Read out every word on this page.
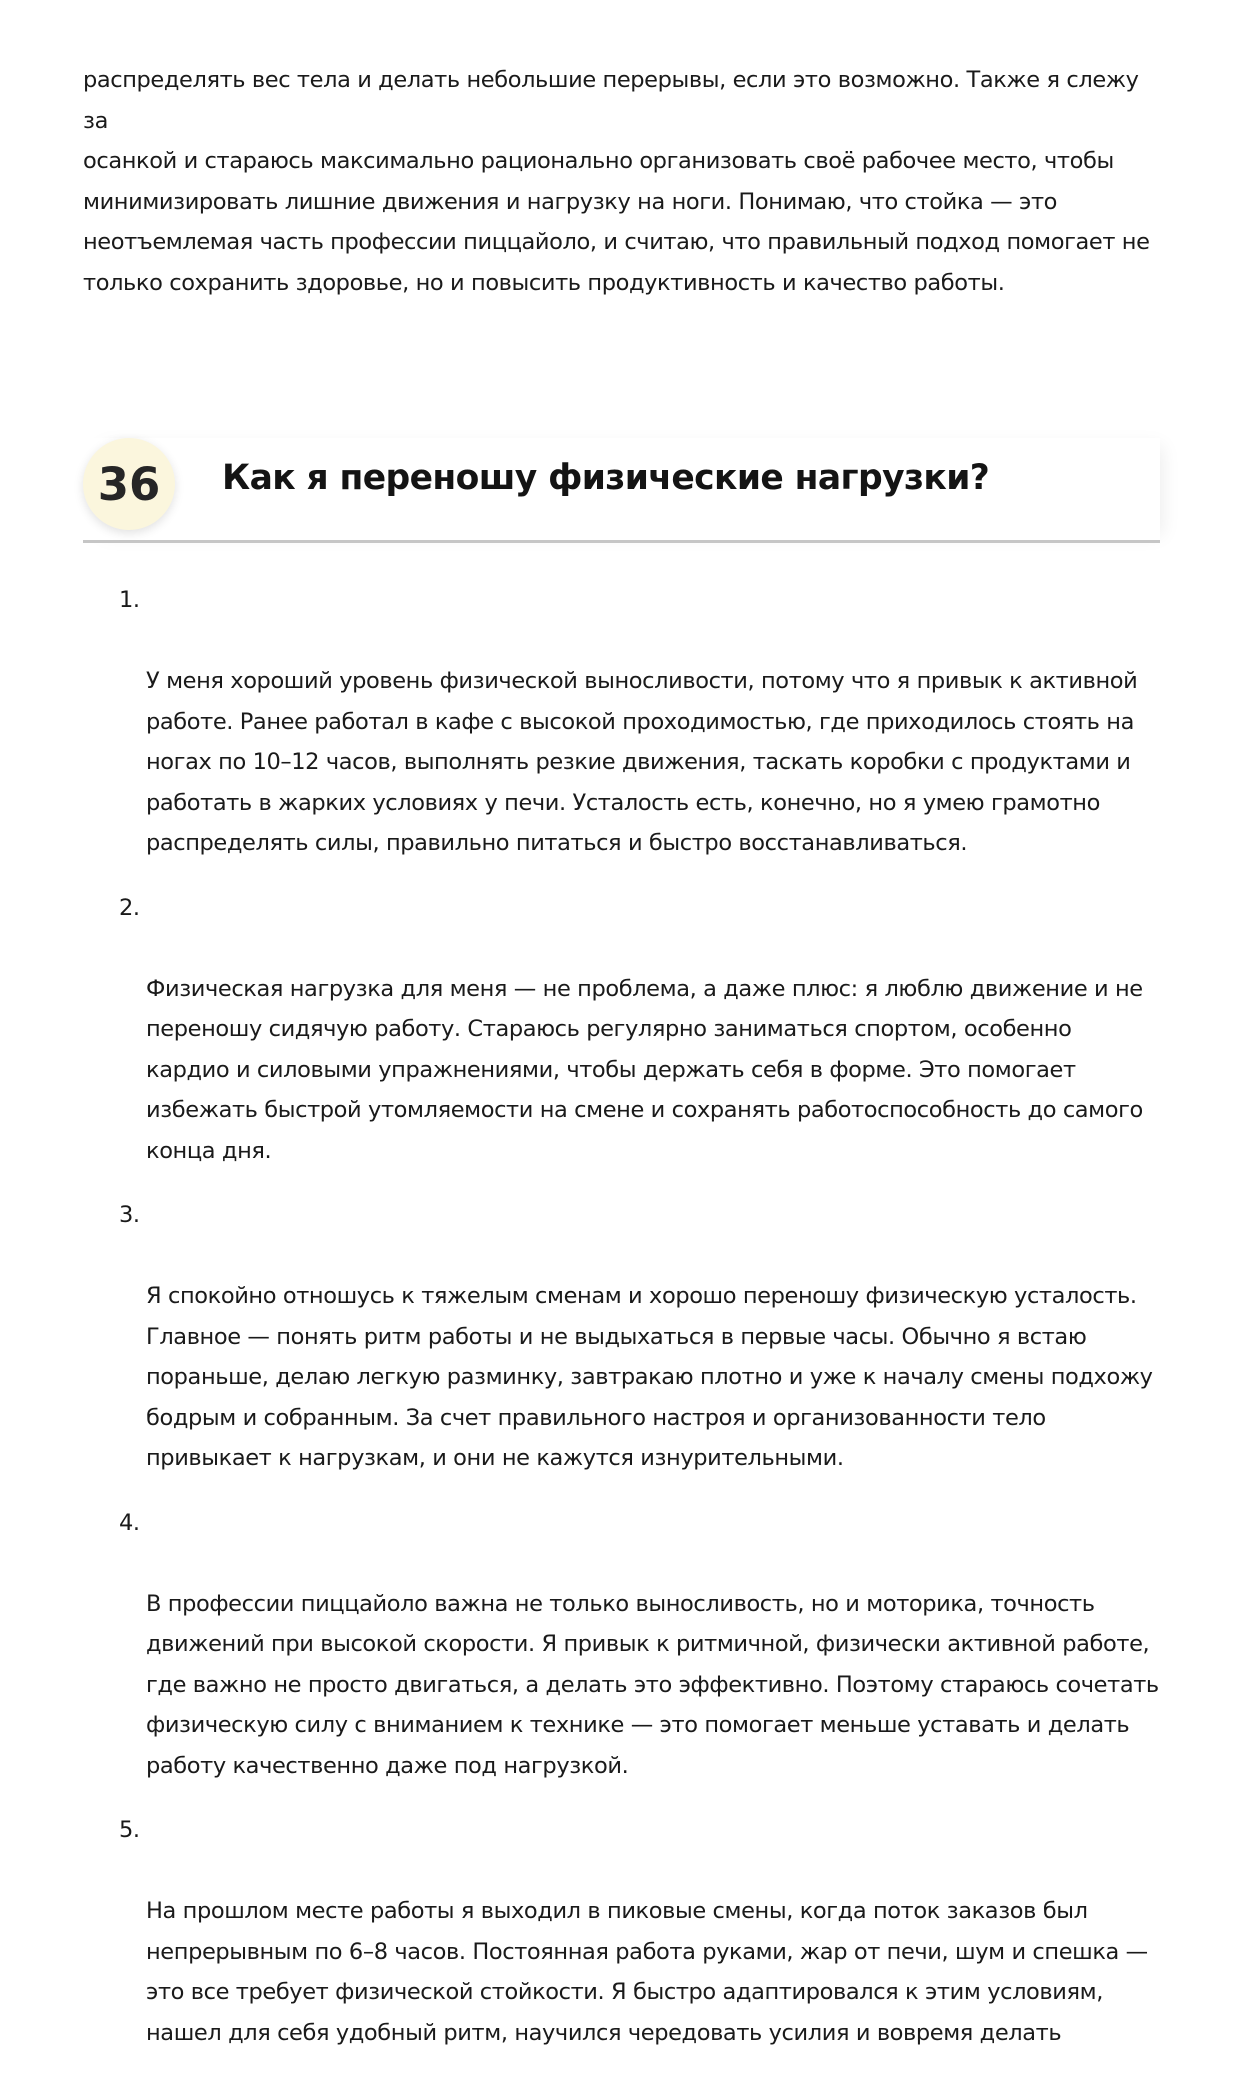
распределять вес тела и делать небольшие перерывы, если это возможно. Также я слежу за
осанкой и стараюсь максимально рационально организовать своё рабочее место, чтобы
минимизировать лишние движения и нагрузку на ноги. Понимаю, что стойка — это
неотъемлемая часть профессии пиццайоло, и считаю, что правильный подход помогает не
только сохранить здоровье, но и повысить продуктивность и качество работы.

36	Как я переношу физические нагрузки?

1.

У меня хороший уровень физической выносливости, потому что я привык к активной
работе. Ранее работал в кафе с высокой проходимостью, где приходилось стоять на
ногах по 10–12 часов, выполнять резкие движения, таскать коробки с продуктами и
работать в жарких условиях у печи. Усталость есть, конечно, но я умею грамотно
распределять силы, правильно питаться и быстро восстанавливаться.

2.

Физическая нагрузка для меня — не проблема, а даже плюс: я люблю движение и не
переношу сидячую работу. Стараюсь регулярно заниматься спортом, особенно
кардио и силовыми упражнениями, чтобы держать себя в форме. Это помогает
избежать быстрой утомляемости на смене и сохранять работоспособность до самого
конца дня.

3.

Я спокойно отношусь к тяжелым сменам и хорошо переношу физическую усталость.
Главное — понять ритм работы и не выдыхаться в первые часы. Обычно я встаю
пораньше, делаю легкую разминку, завтракаю плотно и уже к началу смены подхожу
бодрым и собранным. За счет правильного настроя и организованности тело
привыкает к нагрузкам, и они не кажутся изнурительными.

4.

В профессии пиццайоло важна не только выносливость, но и моторика, точность
движений при высокой скорости. Я привык к ритмичной, физически активной работе,
где важно не просто двигаться, а делать это эффективно. Поэтому стараюсь сочетать
физическую силу с вниманием к технике — это помогает меньше уставать и делать
работу качественно даже под нагрузкой.

5.

На прошлом месте работы я выходил в пиковые смены, когда поток заказов был
непрерывным по 6–8 часов. Постоянная работа руками, жар от печи, шум и спешка —
это все требует физической стойкости. Я быстро адаптировался к этим условиям,
нашел для себя удобный ритм, научился чередовать усилия и вовремя делать
